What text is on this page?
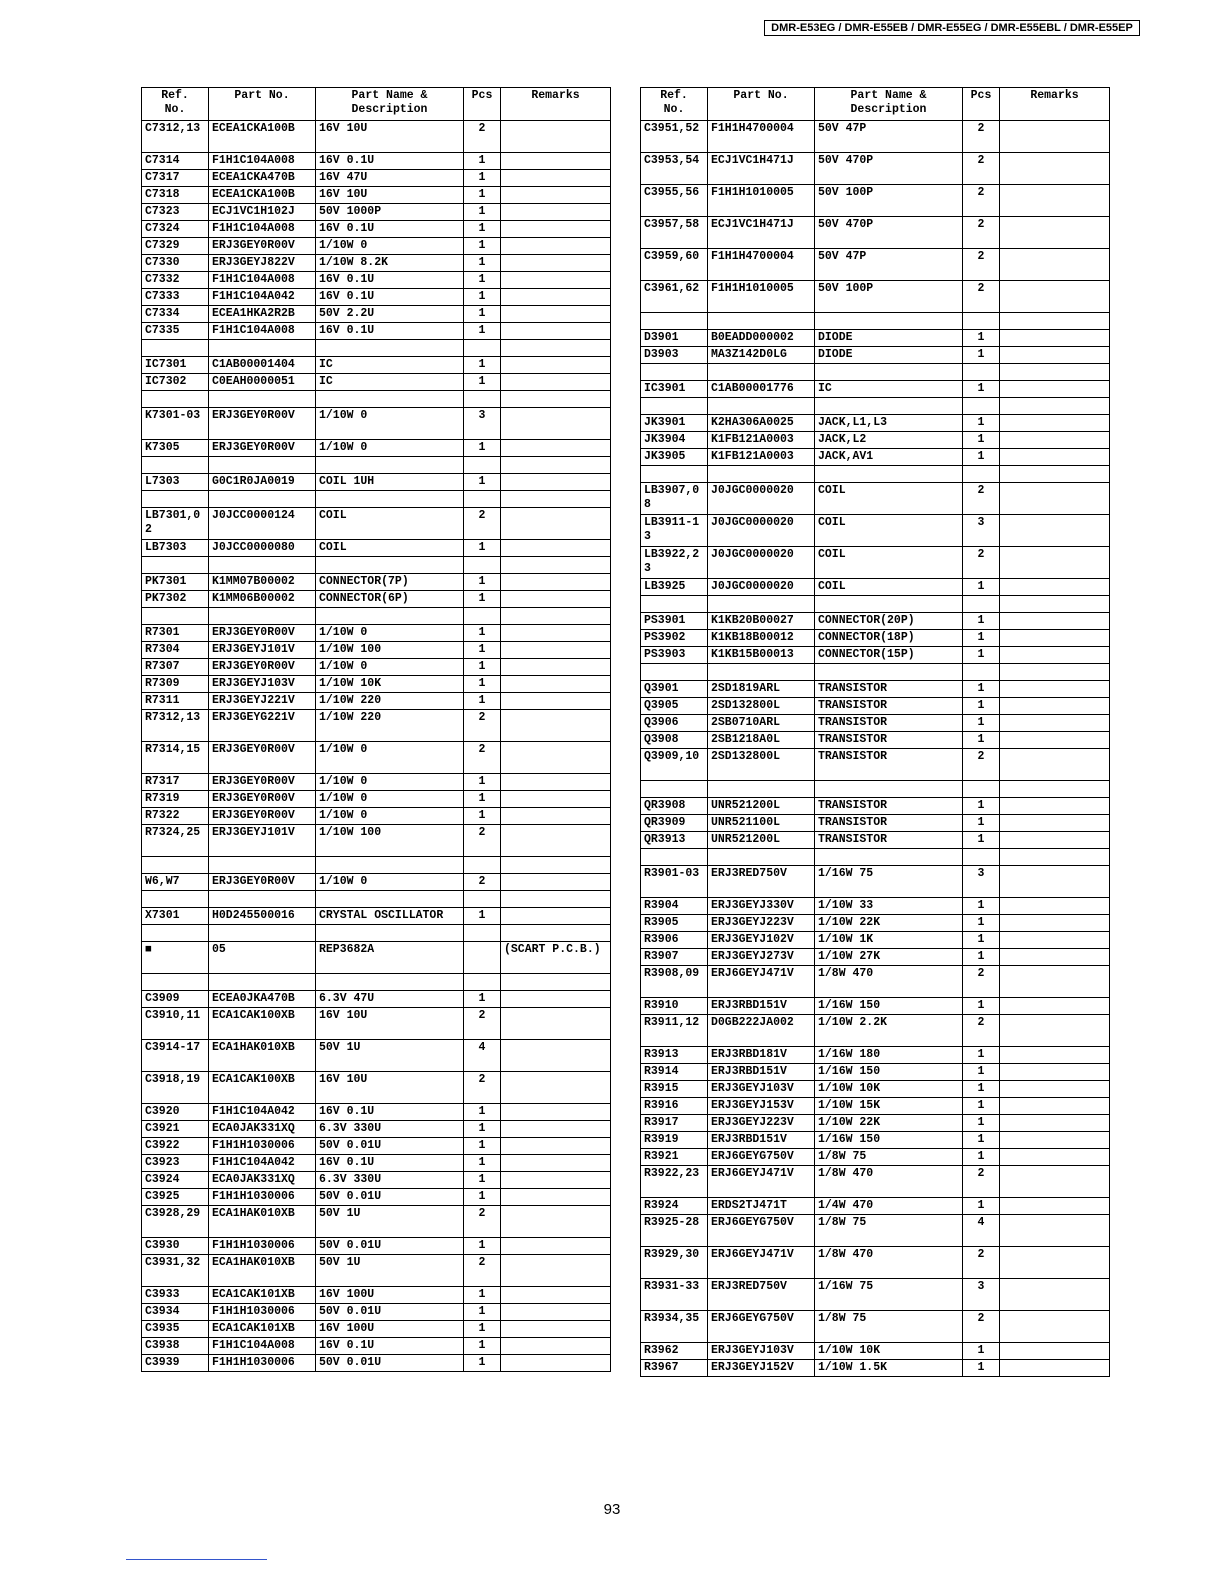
DMR-E53EG / DMR-E55EB / DMR-E55EG / DMR-E55EBL / DMR-E55EP
Ref.
No.	Part No.	Part Name &
Description	Pcs	Remarks
C7312,13	ECEA1CKA100B	16V 10U	2	
C7314	F1H1C104A008	16V 0.1U	1	
C7317	ECEA1CKA470B	16V 47U	1	
C7318	ECEA1CKA100B	16V 10U	1	
C7323	ECJ1VC1H102J	50V 1000P	1	
C7324	F1H1C104A008	16V 0.1U	1	
C7329	ERJ3GEY0R00V	1/10W 0	1	
C7330	ERJ3GEYJ822V	1/10W 8.2K	1	
C7332	F1H1C104A008	16V 0.1U	1	
C7333	F1H1C104A042	16V 0.1U	1	
C7334	ECEA1HKA2R2B	50V 2.2U	1	
C7335	F1H1C104A008	16V 0.1U	1	

IC7301	C1AB00001404	IC	1	
IC7302	C0EAH0000051	IC	1	

K7301-03	ERJ3GEY0R00V	1/10W 0	3	
K7305	ERJ3GEY0R00V	1/10W 0	1	

L7303	G0C1R0JA0019	COIL 1UH	1	

LB7301,02	J0JCC0000124	COIL	2	
LB7303	J0JCC0000080	COIL	1	

PK7301	K1MM07B00002	CONNECTOR(7P)	1	
PK7302	K1MM06B00002	CONNECTOR(6P)	1	

R7301	ERJ3GEY0R00V	1/10W 0	1	
R7304	ERJ3GEYJ101V	1/10W 100	1	
R7307	ERJ3GEY0R00V	1/10W 0	1	
R7309	ERJ3GEYJ103V	1/10W 10K	1	
R7311	ERJ3GEYJ221V	1/10W 220	1	
R7312,13	ERJ3GEYG221V	1/10W 220	2	
R7314,15	ERJ3GEY0R00V	1/10W 0	2	
R7317	ERJ3GEY0R00V	1/10W 0	1	
R7319	ERJ3GEY0R00V	1/10W 0	1	
R7322	ERJ3GEY0R00V	1/10W 0	1	
R7324,25	ERJ3GEYJ101V	1/10W 100	2	

W6,W7	ERJ3GEY0R00V	1/10W 0	2	

X7301	H0D245500016	CRYSTAL OSCILLATOR	1	

■	05	REP3682A		(SCART P.C.B.)

C3909	ECEA0JKA470B	6.3V 47U	1	
C3910,11	ECA1CAK100XB	16V 10U	2	
C3914-17	ECA1HAK010XB	50V 1U	4	
C3918,19	ECA1CAK100XB	16V 10U	2	
C3920	F1H1C104A042	16V 0.1U	1	
C3921	ECA0JAK331XQ	6.3V 330U	1	
C3922	F1H1H1030006	50V 0.01U	1	
C3923	F1H1C104A042	16V 0.1U	1	
C3924	ECA0JAK331XQ	6.3V 330U	1	
C3925	F1H1H1030006	50V 0.01U	1	
C3928,29	ECA1HAK010XB	50V 1U	2	
C3930	F1H1H1030006	50V 0.01U	1	
C3931,32	ECA1HAK010XB	50V 1U	2	
C3933	ECA1CAK101XB	16V 100U	1	
C3934	F1H1H1030006	50V 0.01U	1	
C3935	ECA1CAK101XB	16V 100U	1	
C3938	F1H1C104A008	16V 0.1U	1	
C3939	F1H1H1030006	50V 0.01U	1	
Ref.
No.	Part No.	Part Name &
Description	Pcs	Remarks
C3951,52	F1H1H4700004	50V 47P	2	
C3953,54	ECJ1VC1H471J	50V 470P	2	
C3955,56	F1H1H1010005	50V 100P	2	
C3957,58	ECJ1VC1H471J	50V 470P	2	
C3959,60	F1H1H4700004	50V 47P	2	
C3961,62	F1H1H1010005	50V 100P	2	

D3901	B0EADD000002	DIODE	1	
D3903	MA3Z142D0LG	DIODE	1	

IC3901	C1AB00001776	IC	1	

JK3901	K2HA306A0025	JACK,L1,L3	1	
JK3904	K1FB121A0003	JACK,L2	1	
JK3905	K1FB121A0003	JACK,AV1	1	

LB3907,08	J0JGC0000020	COIL	2	
LB3911-13	J0JGC0000020	COIL	3	
LB3922,23	J0JGC0000020	COIL	2	
LB3925	J0JGC0000020	COIL	1	

PS3901	K1KB20B00027	CONNECTOR(20P)	1	
PS3902	K1KB18B00012	CONNECTOR(18P)	1	
PS3903	K1KB15B00013	CONNECTOR(15P)	1	

Q3901	2SD1819ARL	TRANSISTOR	1	
Q3905	2SD132800L	TRANSISTOR	1	
Q3906	2SB0710ARL	TRANSISTOR	1	
Q3908	2SB1218A0L	TRANSISTOR	1	
Q3909,10	2SD132800L	TRANSISTOR	2	

QR3908	UNR521200L	TRANSISTOR	1	
QR3909	UNR521100L	TRANSISTOR	1	
QR3913	UNR521200L	TRANSISTOR	1	

R3901-03	ERJ3RED750V	1/16W 75	3	
R3904	ERJ3GEYJ330V	1/10W 33	1	
R3905	ERJ3GEYJ223V	1/10W 22K	1	
R3906	ERJ3GEYJ102V	1/10W 1K	1	
R3907	ERJ3GEYJ273V	1/10W 27K	1	
R3908,09	ERJ6GEYJ471V	1/8W 470	2	
R3910	ERJ3RBD151V	1/16W 150	1	
R3911,12	D0GB222JA002	1/10W 2.2K	2	
R3913	ERJ3RBD181V	1/16W 180	1	
R3914	ERJ3RBD151V	1/16W 150	1	
R3915	ERJ3GEYJ103V	1/10W 10K	1	
R3916	ERJ3GEYJ153V	1/10W 15K	1	
R3917	ERJ3GEYJ223V	1/10W 22K	1	
R3919	ERJ3RBD151V	1/16W 150	1	
R3921	ERJ6GEYG750V	1/8W 75	1	
R3922,23	ERJ6GEYJ471V	1/8W 470	2	
R3924	ERDS2TJ471T	1/4W 470	1	
R3925-28	ERJ6GEYG750V	1/8W 75	4	
R3929,30	ERJ6GEYJ471V	1/8W 470	2	
R3931-33	ERJ3RED750V	1/16W 75	3	
R3934,35	ERJ6GEYG750V	1/8W 75	2	
R3962	ERJ3GEYJ103V	1/10W 10K	1	
R3967	ERJ3GEYJ152V	1/10W 1.5K	1	
93
